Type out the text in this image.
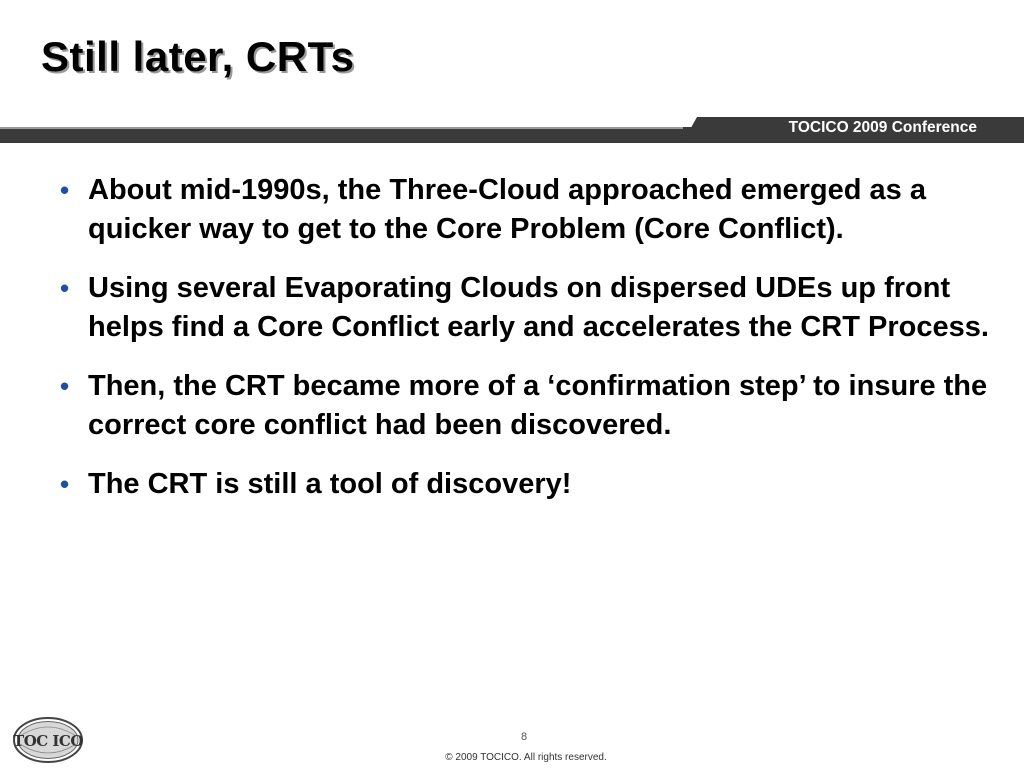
Still later, CRTs
TOCICO 2009 Conference
• About mid-1990s, the Three-Cloud approached emerged as a quicker way to get to the Core Problem (Core Conflict).
• Using several Evaporating Clouds on dispersed UDEs up front helps find a Core Conflict early and accelerates the CRT Process.
• Then, the CRT became more of a ‘confirmation step’ to insure the correct core conflict had been discovered.
• The CRT is still a tool of discovery!
TOC ICO	8
© 2009 TOCICO. All rights reserved.
